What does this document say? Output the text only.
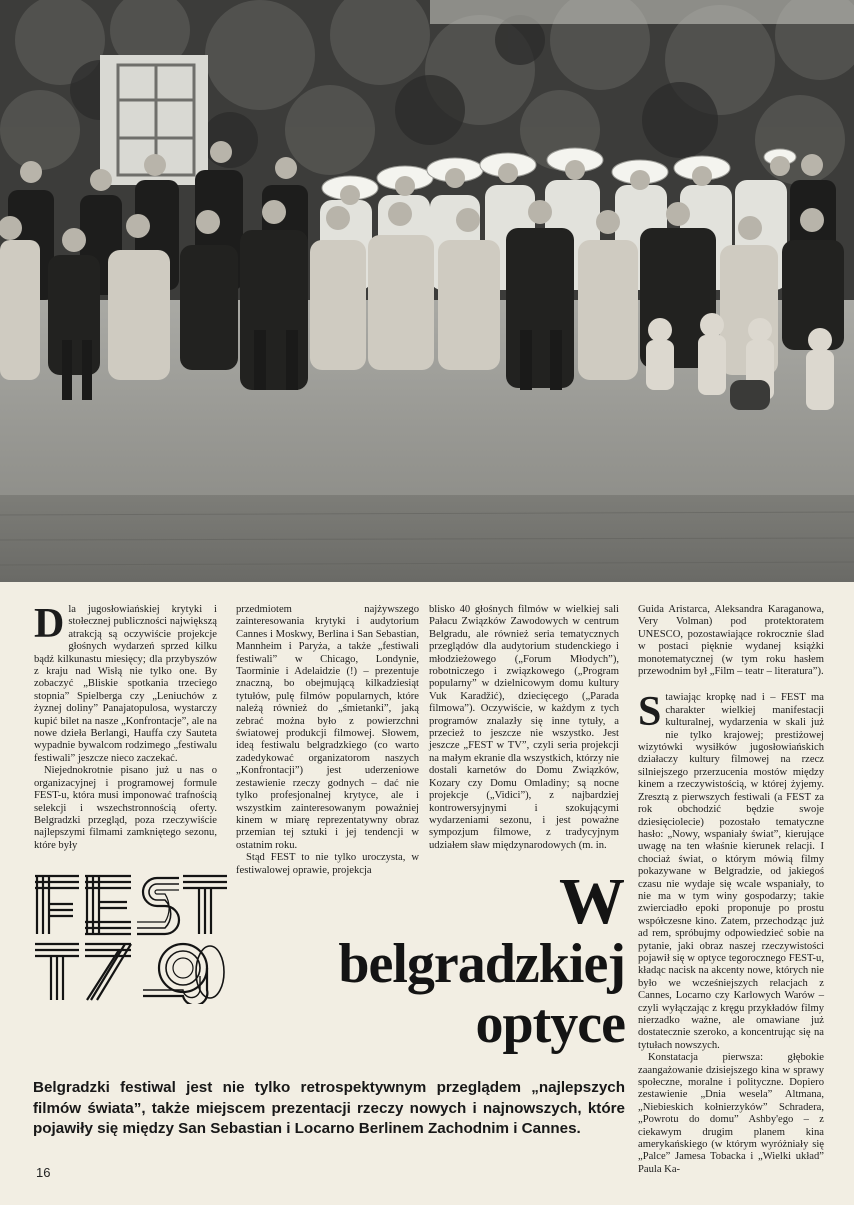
Dla jugosłowiańskiej krytyki i stołecznej publiczności największą atrakcją są oczywiście projekcje głośnych wydarzeń sprzed kilku bądź kilkunastu miesięcy; dla przybyszów z kraju nad Wisłą nie tylko one. By zobaczyć „Bliskie spotkania trzeciego stopnia” Spielberga czy „Leniuchów z żyznej doliny” Panajatopulosa, wystarczy kupić bilet na nasze „Konfrontacje”, ale na nowe dzieła Berlangi, Hauffa czy Sauteta wypadnie bywalcom rodzimego „festiwalu festiwali” jeszcze nieco zaczekać.

Niejednokrotnie pisano już u nas o organizacyjnej i programowej formule FEST-u, która musi imponować trafnością selekcji i wszechstronnością oferty. Belgradzki przegląd, poza rzeczywiście najlepszymi filmami zamkniętego sezonu, które były

przedmiotem najżywszego zainteresowania krytyki i audytorium Cannes i Moskwy, Berlina i San Sebastian, Mannheim i Paryża, a także „festiwali festiwali” w Chicago, Londynie, Taorminie i Adelaidzie (!) – prezentuje znaczną, bo obejmującą kilkadziesiąt tytułów, pulę filmów popularnych, które należą również do „śmietanki”, jaką zebrać można było z powierzchni światowej produkcji filmowej. Słowem, ideą festiwalu belgradzkiego (co warto zadedykować organizatorom naszych „Konfrontacji”) jest uderzeniowe zestawienie rzeczy godnych – dać nie tylko profesjonalnej krytyce, ale i wszystkim zainteresowanym poważniej kinem w miarę reprezentatywny obraz przemian tej sztuki i jej tendencji w ostatnim roku.

Stąd FEST to nie tylko uroczysta, w festiwalowej oprawie, projekcja

blisko 40 głośnych filmów w wielkiej sali Pałacu Związków Zawodowych w centrum Belgradu, ale również seria tematycznych przeglądów dla audytorium studenckiego i młodzieżowego („Forum Młodych”), robotniczego i związkowego („Program popularny” w dzielnicowym domu kultury Vuk Karadžić), dziecięcego („Parada filmowa”). Oczywiście, w każdym z tych programów znalazły się inne tytuły, a przecież to jeszcze nie wszystko. Jest jeszcze „FEST w TV”, czyli seria projekcji na małym ekranie dla wszystkich, którzy nie dostali karnetów do Domu Związków, Kozary czy Domu Omladiny; są nocne projekcje („Vidici”), z najbardziej kontrowersyjnymi i szokującymi wydarzeniami sezonu, i jest poważne sympozjum filmowe, z tradycyjnym udziałem sław międzynarodowych (m. in.

Guida Aristarca, Aleksandra Karaganowa, Very Volman) pod protektoratem UNESCO, pozostawiające rokrocznie ślad w postaci pięknie wydanej książki monotematycznej (w tym roku hasłem przewodnim był „Film – teatr – literatura”).

Stawiając kropkę nad i – FEST ma charakter wielkiej manifestacji kulturalnej, wydarzenia w skali już nie tylko krajowej; prestiżowej wizytówki wysiłków jugosłowiańskich działaczy kultury filmowej na rzecz silniejszego przerzucenia mostów między kinem a rzeczywistością, w której żyjemy. Zresztą z pierwszych festiwali (a FEST za rok obchodzić będzie swoje dziesięciolecie) pozostało tematyczne hasło: „Nowy, wspaniały świat”, kierujące uwagę na ten właśnie kierunek relacji. I chociaż świat, o którym mówią filmy pokazywane w Belgradzie, od jakiegoś czasu nie wydaje się wcale wspaniały, to nie ma w tym winy gospodarzy; takie zwierciadło epoki proponuje po prostu współczesne kino. Zatem, przechodząc już ad rem, spróbujmy odpowiedzieć sobie na pytanie, jaki obraz naszej rzeczywistości pojawił się w optyce tegorocznego FEST-u, kładąc nacisk na akcenty nowe, których nie było we wcześniejszych relacjach z Cannes, Locarno czy Karlowych Warów – czyli wyłączając z kręgu przykładów filmy nierzadko ważne, ale omawiane już dostatecznie szeroko, a koncentrując się na tytułach nowszych.

Konstatacja pierwsza: głębokie zaangażowanie dzisiejszego kina w sprawy społeczne, moralne i polityczne. Dopiero zestawienie „Dnia wesela” Altmana, „Niebieskich kołnierzyków” Schradera, „Powrotu do domu” Ashby'ego – z ciekawym drugim planem kina amerykańskiego (w którym wyróżniały się „Palce” Jamesa Tobacka i „Wielki układ” Paula Ka-

W
belgradzkiej
optyce
Belgradzki festiwal jest nie tylko retrospektywnym przeglądem „najlepszych filmów świata”, także miejscem prezentacji rzeczy nowych i najnowszych, które pojawiły się między San Sebastian i Locarno Berlinem Zachodnim i Cannes.
16
